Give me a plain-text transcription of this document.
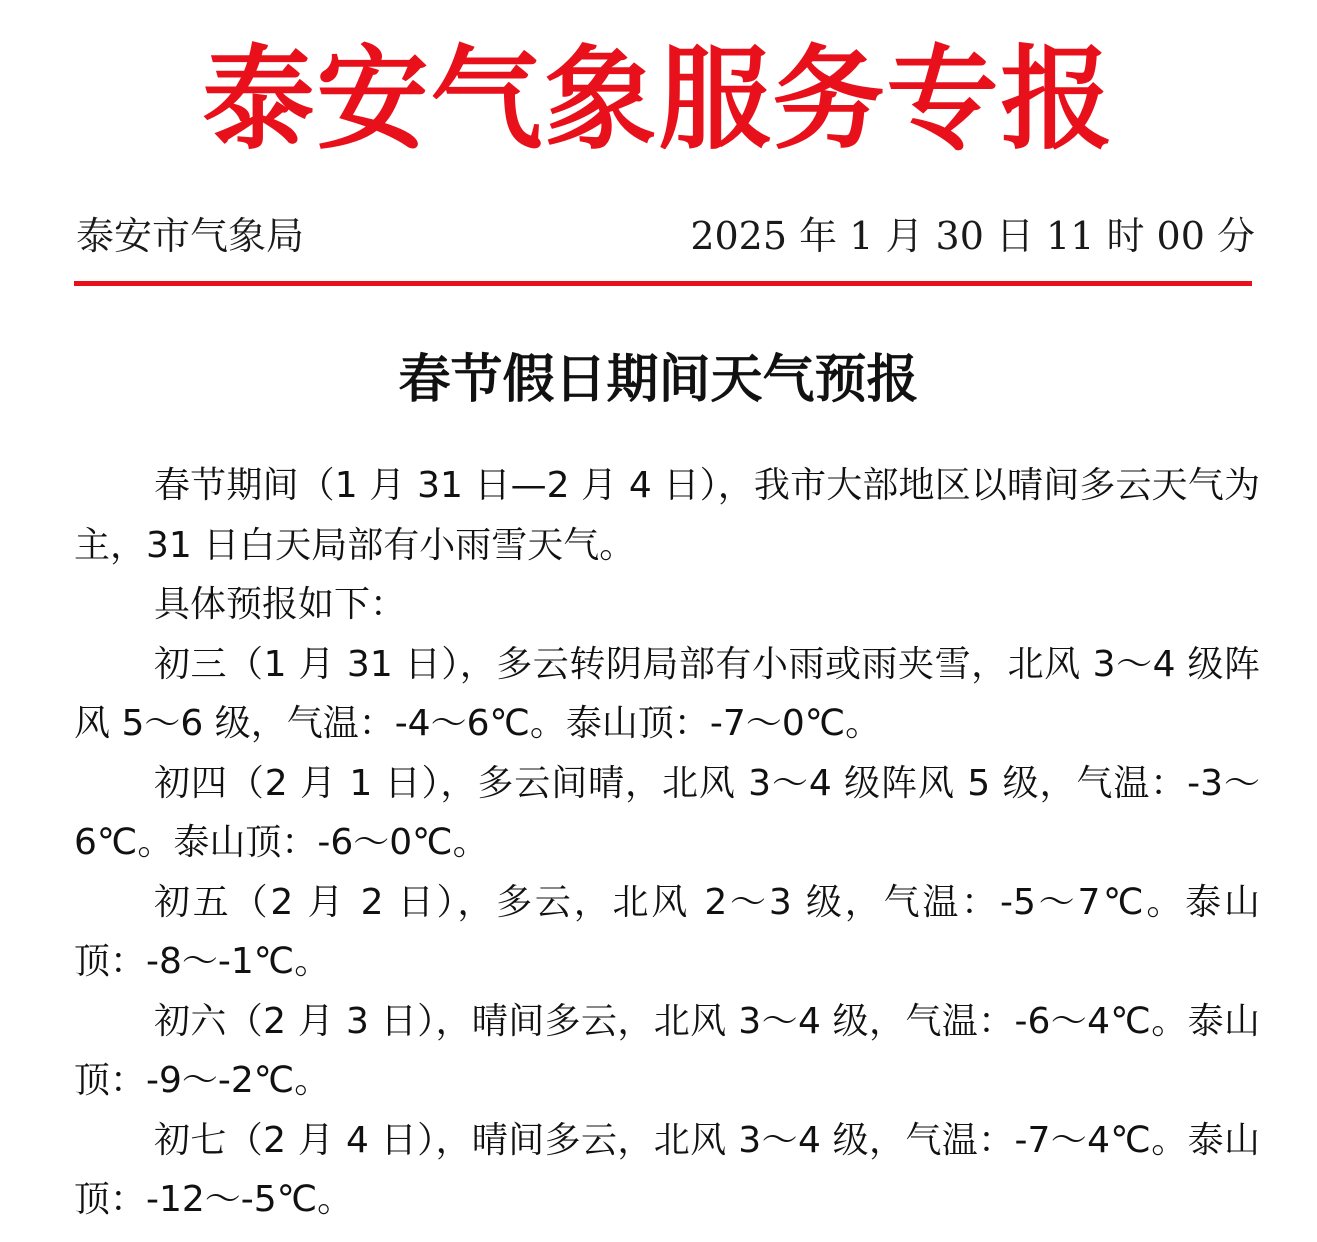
泰安气象服务专报
泰安市气象局	2025 年 1 月 30 日 11 时 00 分
春节假日期间天气预报

春节期间（1 月 31 日—2 月 4 日），我市大部地区以晴间多云天气为主，31 日白天局部有小雨雪天气。

具体预报如下：

初三（1 月 31 日），多云转阴局部有小雨或雨夹雪，北风 3～4 级阵风 5～6 级，气温：-4～6℃。泰山顶：-7～0℃。

初四（2 月 1 日），多云间晴，北风 3～4 级阵风 5 级，气温：-3～6℃。泰山顶：-6～0℃。

初五（2 月 2 日），多云，北风 2～3 级，气温：-5～7℃。泰山顶：-8～-1℃。

初六（2 月 3 日），晴间多云，北风 3～4 级，气温：-6～4℃。泰山顶：-9～-2℃。

初七（2 月 4 日），晴间多云，北风 3～4 级，气温：-7～4℃。泰山顶：-12～-5℃。
